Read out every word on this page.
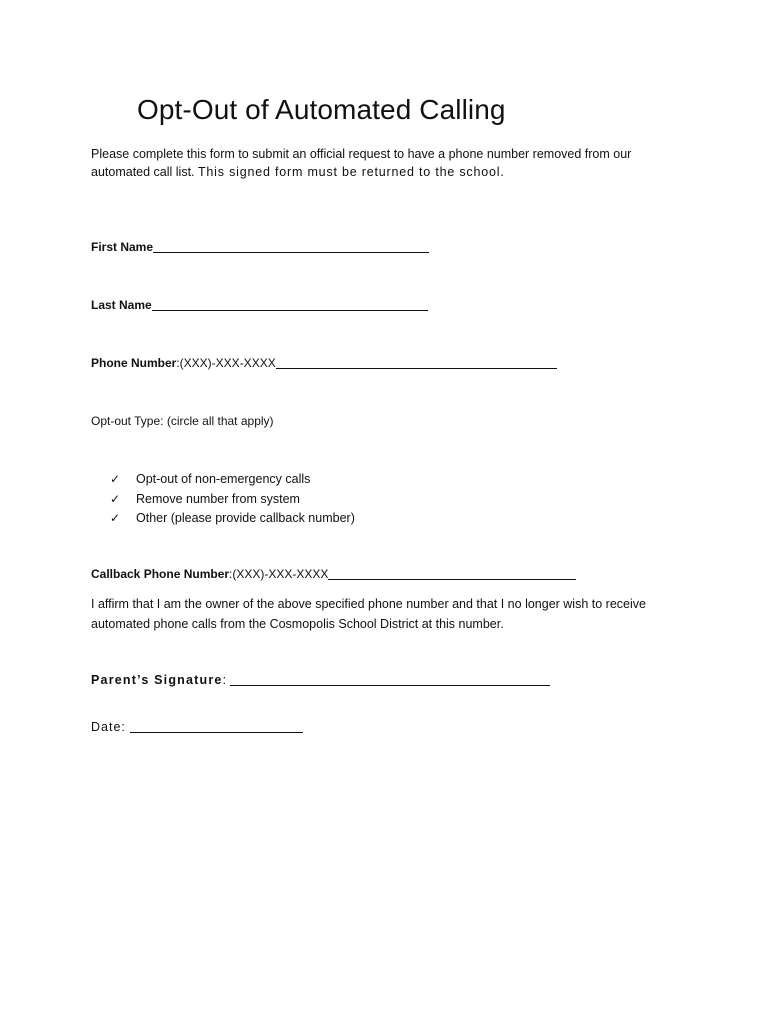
Opt-Out of Automated Calling
Please complete this form to submit an official request to have a phone number removed from our automated call list. This signed form must be returned to the school.
First Name
Last Name
Phone Number:(XXX)-XXX-XXXX
Opt-out Type: (circle all that apply)
✓ Opt-out of non-emergency calls
✓ Remove number from system
✓ Other (please provide callback number)
Callback Phone Number:(XXX)-XXX-XXXX
I affirm that I am the owner of the above specified phone number and that I no longer wish to receive automated phone calls from the Cosmopolis School District at this number.
Parent’s Signature:
Date:
